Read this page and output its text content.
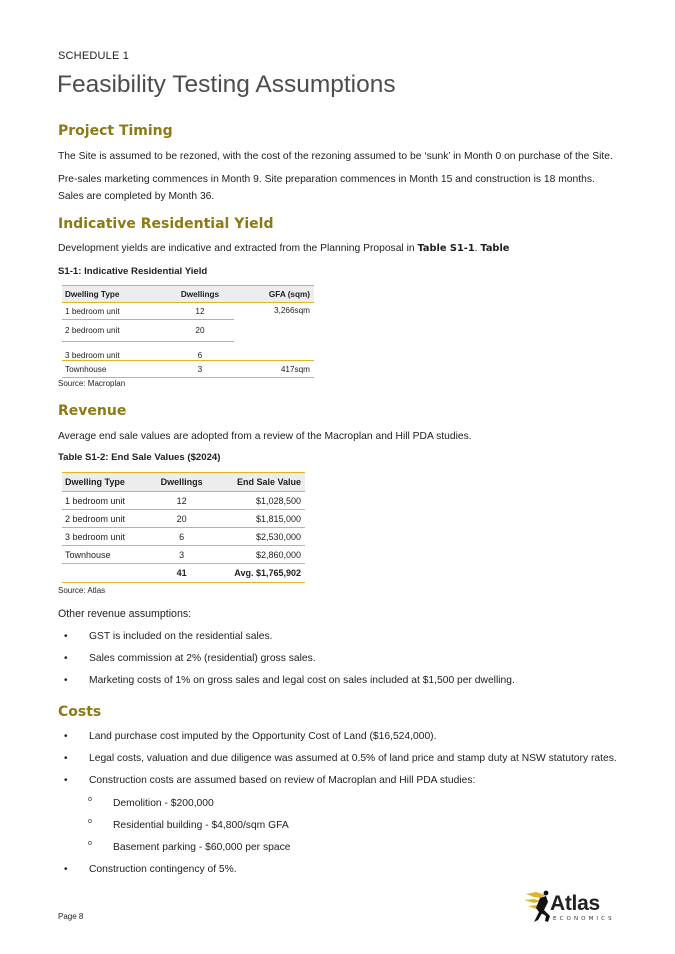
SCHEDULE 1
Feasibility Testing Assumptions
Project Timing
The Site is assumed to be rezoned, with the cost of the rezoning assumed to be ‘sunk’ in Month 0 on purchase of the Site.
Pre-sales marketing commences in Month 9. Site preparation commences in Month 15 and construction is 18 months. Sales are completed by Month 36.
Indicative Residential Yield
Development yields are indicative and extracted from the Planning Proposal in Table S1-1. Table
S1-1: Indicative Residential Yield
Dwelling Type	Dwellings	GFA (sqm)
1 bedroom unit	12	3,266sqm
2 bedroom unit	20	
3 bedroom unit	6	
Townhouse	3	417sqm
Source: Macroplan
Revenue
Average end sale values are adopted from a review of the Macroplan and Hill PDA studies.
Table S1-2: End Sale Values ($2024)
Dwelling Type	Dwellings	End Sale Value
1 bedroom unit	12	$1,028,500
2 bedroom unit	20	$1,815,000
3 bedroom unit	6	$2,530,000
Townhouse	3	$2,860,000
	41	Avg. $1,765,902
Source: Atlas
Other revenue assumptions:
• GST is included on the residential sales.
• Sales commission at 2% (residential) gross sales.
• Marketing costs of 1% on gross sales and legal cost on sales included at $1,500 per dwelling.
Costs
• Land purchase cost imputed by the Opportunity Cost of Land ($16,524,000).
• Legal costs, valuation and due diligence was assumed at 0.5% of land price and stamp duty at NSW statutory rates.
• Construction costs are assumed based on review of Macroplan and Hill PDA studies:
o Demolition - $200,000
o Residential building - $4,800/sqm GFA
o Basement parking - $60,000 per space
• Construction contingency of 5%.
Page 8
Atlas
ECONOMICS
